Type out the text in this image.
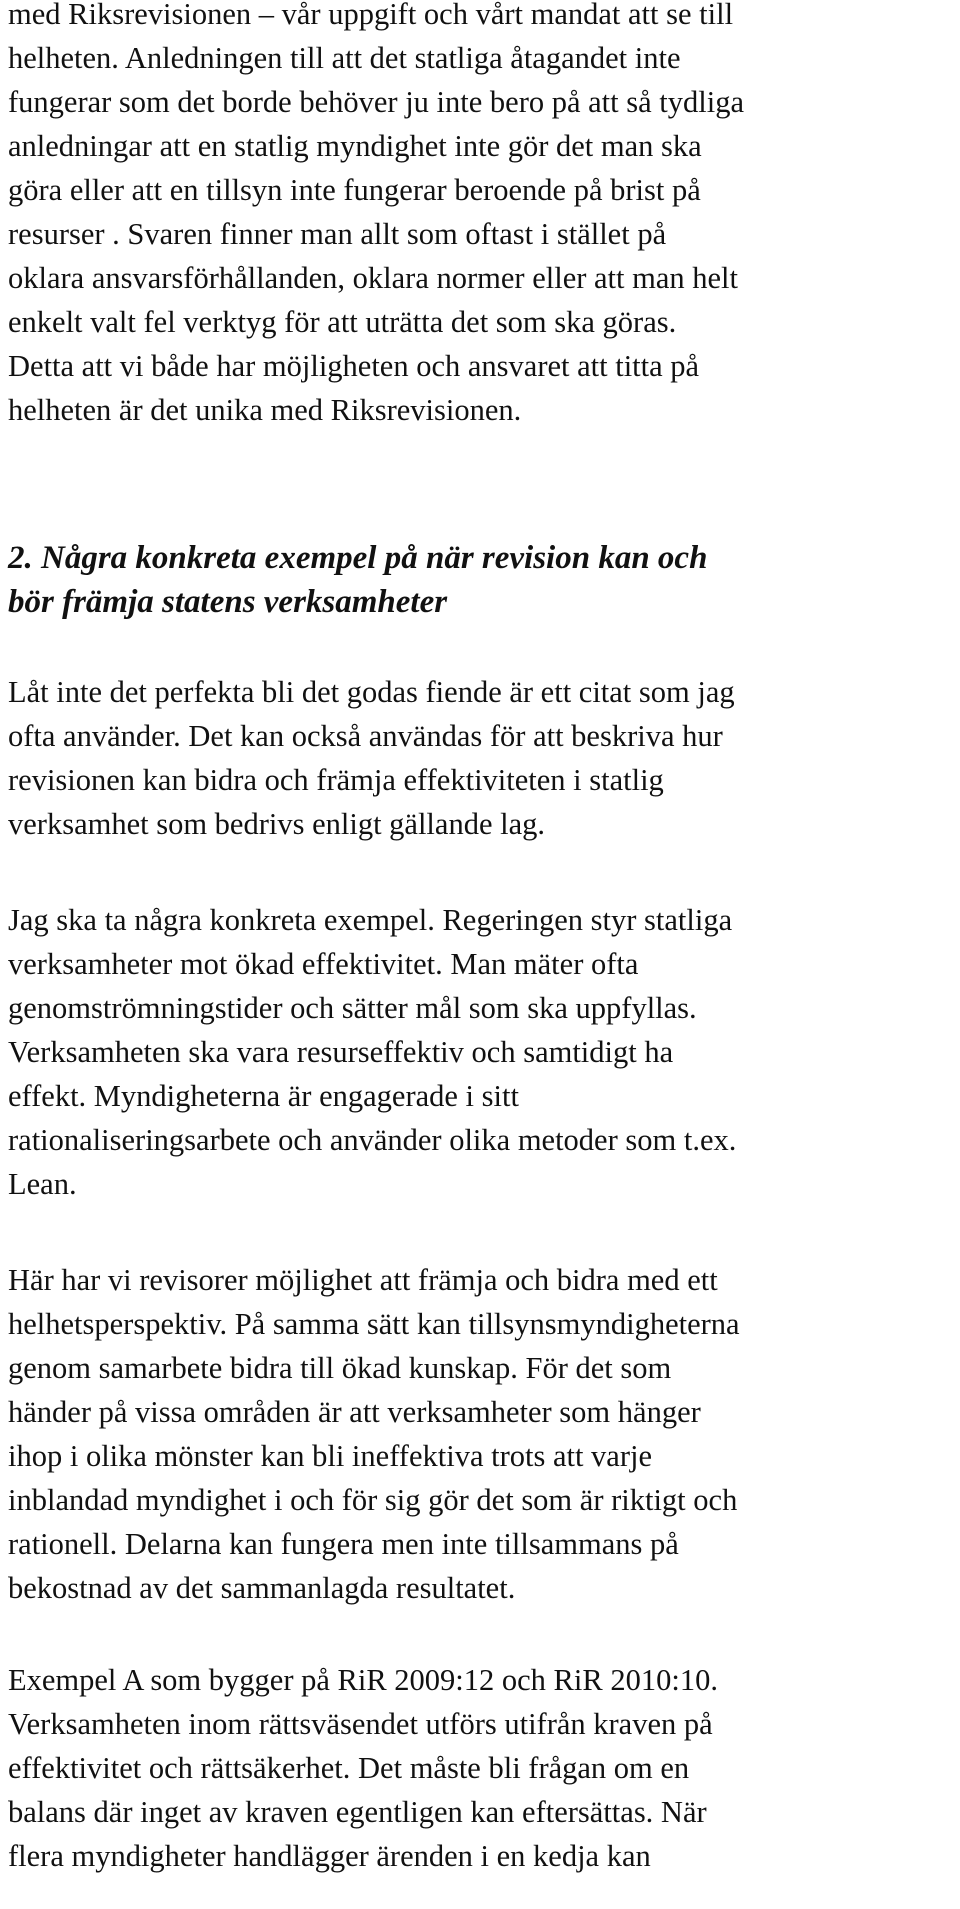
med Riksrevisionen – vår uppgift och vårt mandat att se till
helheten. Anledningen till att det statliga åtagandet inte
fungerar som det borde behöver ju inte bero på att så tydliga
anledningar att en statlig myndighet inte gör det man ska
göra eller att en tillsyn inte fungerar beroende på brist på
resurser . Svaren finner man allt som oftast i stället på
oklara ansvarsförhållanden, oklara normer eller att man helt
enkelt valt fel verktyg för att uträtta det som ska göras.
Detta att vi både har möjligheten och ansvaret att titta på
helheten är det unika med Riksrevisionen.

2. Några konkreta exempel på när revision kan och
bör främja statens verksamheter

Låt inte det perfekta bli det godas fiende är ett citat som jag
ofta använder. Det kan också användas för att beskriva hur
revisionen kan bidra och främja effektiviteten i statlig
verksamhet som bedrivs enligt gällande lag.

Jag ska ta några konkreta exempel. Regeringen styr statliga
verksamheter mot ökad effektivitet. Man mäter ofta
genomströmningstider och sätter mål som ska uppfyllas.
Verksamheten ska vara resurseffektiv och samtidigt ha
effekt. Myndigheterna är engagerade i sitt
rationaliseringsarbete och använder olika metoder som t.ex.
Lean.

Här har vi revisorer möjlighet att främja och bidra med ett
helhetsperspektiv. På samma sätt kan tillsynsmyndigheterna
genom samarbete bidra till ökad kunskap. För det som
händer på vissa områden är att verksamheter som hänger
ihop i olika mönster kan bli ineffektiva trots att varje
inblandad myndighet i och för sig gör det som är riktigt och
rationell. Delarna kan fungera men inte tillsammans på
bekostnad av det sammanlagda resultatet.

Exempel A som bygger på RiR 2009:12 och RiR 2010:10.
Verksamheten inom rättsväsendet utförs utifrån kraven på
effektivitet och rättsäkerhet. Det måste bli frågan om en
balans där inget av kraven egentligen kan eftersättas. När
flera myndigheter handlägger ärenden i en kedja kan
